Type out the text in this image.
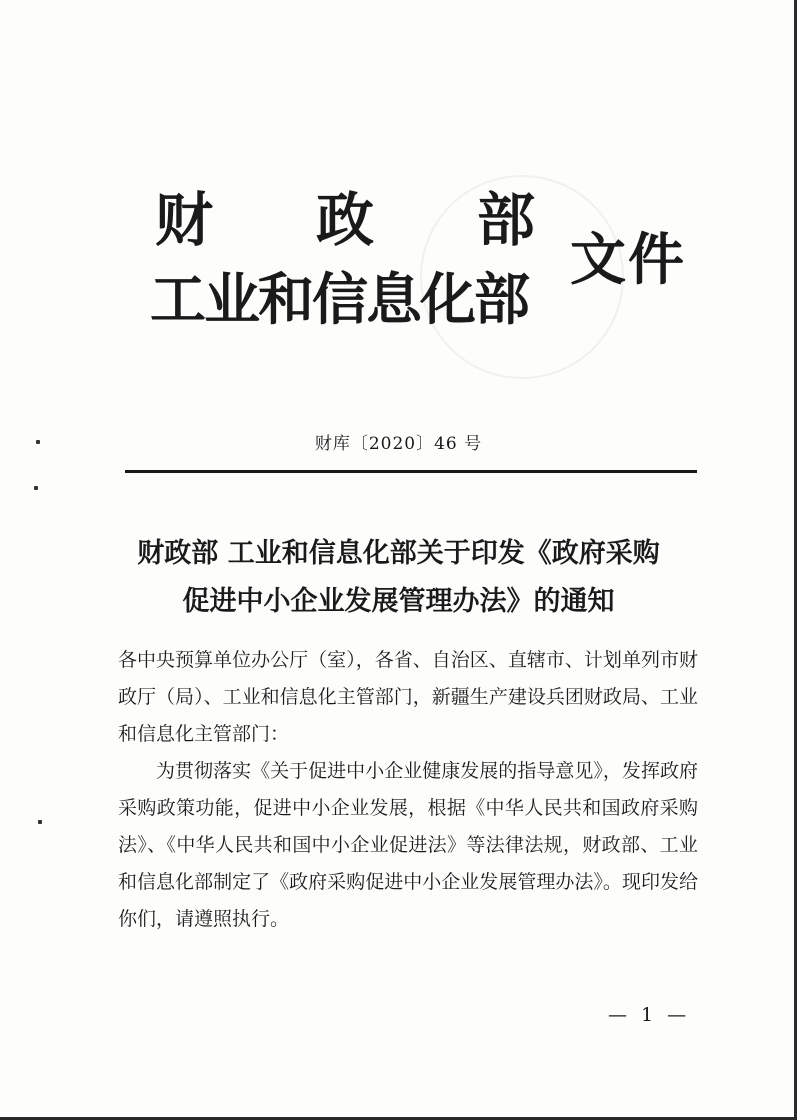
财 政 部
工业和信息化部
文件
财库〔2020〕46 号
财政部 工业和信息化部关于印发《政府采购
促进中小企业发展管理办法》的通知

各中央预算单位办公厅（室），各省、自治区、直辖市、计划单列市财政厅（局）、工业和信息化主管部门，新疆生产建设兵团财政局、工业和信息化主管部门：

为贯彻落实《关于促进中小企业健康发展的指导意见》，发挥政府采购政策功能，促进中小企业发展，根据《中华人民共和国政府采购法》、《中华人民共和国中小企业促进法》等法律法规，财政部、工业和信息化部制定了《政府采购促进中小企业发展管理办法》。现印发给你们，请遵照执行。

— 1 —
